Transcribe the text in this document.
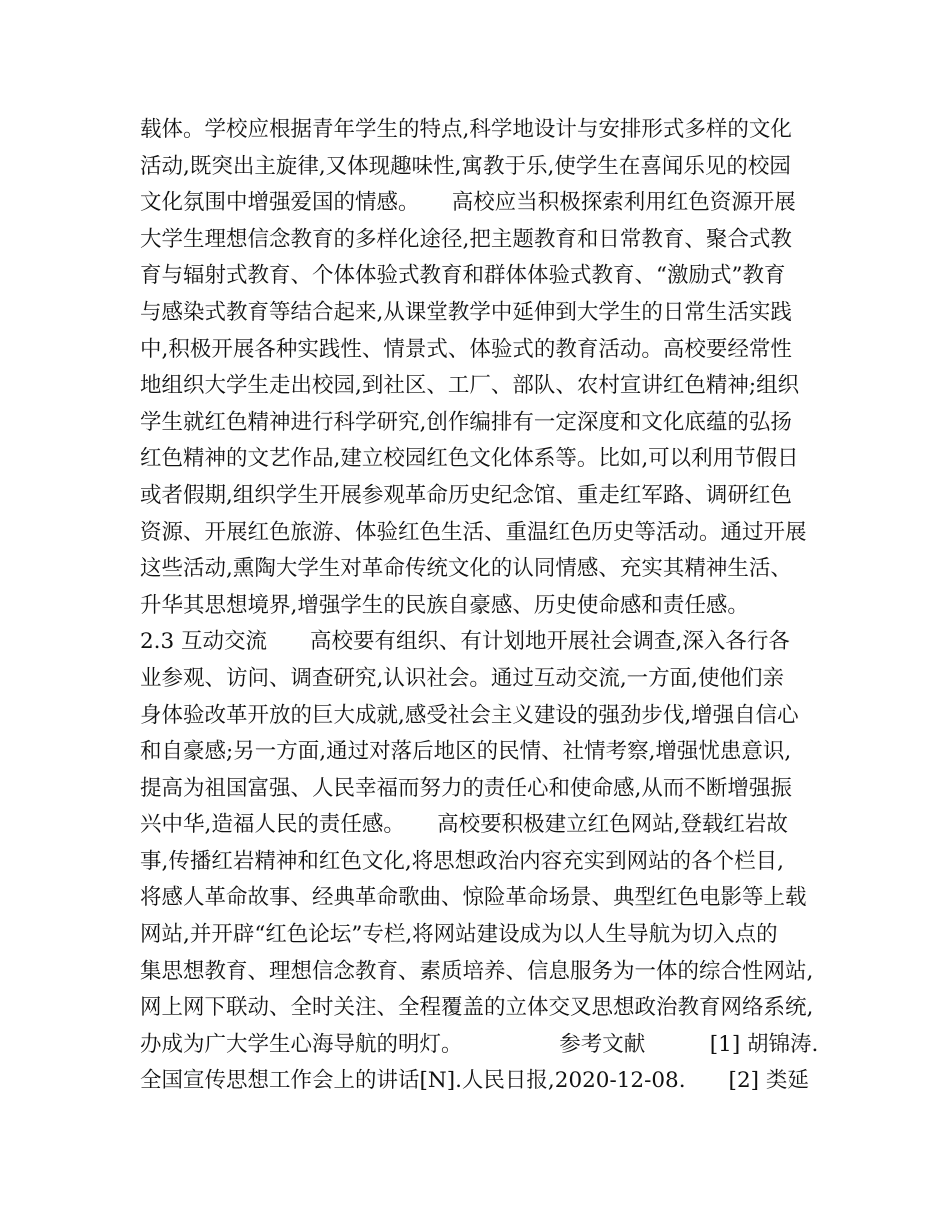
载体。学校应根据青年学生的特点,科学地设计与安排形式多样的文化
活动,既突出主旋律,又体现趣味性,寓教于乐,使学生在喜闻乐见的校园
文化氛围中增强爱国的情感。　　高校应当积极探索利用红色资源开展
大学生理想信念教育的多样化途径,把主题教育和日常教育、聚合式教
育与辐射式教育、个体体验式教育和群体体验式教育、“激励式”教育
与感染式教育等结合起来,从课堂教学中延伸到大学生的日常生活实践
中,积极开展各种实践性、情景式、体验式的教育活动。高校要经常性
地组织大学生走出校园,到社区、工厂、部队、农村宣讲红色精神;组织
学生就红色精神进行科学研究,创作编排有一定深度和文化底蕴的弘扬
红色精神的文艺作品,建立校园红色文化体系等。比如,可以利用节假日
或者假期,组织学生开展参观革命历史纪念馆、重走红军路、调研红色
资源、开展红色旅游、体验红色生活、重温红色历史等活动。通过开展
这些活动,熏陶大学生对革命传统文化的认同情感、充实其精神生活、
升华其思想境界,增强学生的民族自豪感、历史使命感和责任感。
2.3 互动交流　　高校要有组织、有计划地开展社会调查,深入各行各
业参观、访问、调查研究,认识社会。通过互动交流,一方面,使他们亲
身体验改革开放的巨大成就,感受社会主义建设的强劲步伐,增强自信心
和自豪感;另一方面,通过对落后地区的民情、社情考察,增强忧患意识,
提高为祖国富强、人民幸福而努力的责任心和使命感,从而不断增强振
兴中华,造福人民的责任感。　　高校要积极建立红色网站,登载红岩故
事,传播红岩精神和红色文化,将思想政治内容充实到网站的各个栏目,
将感人革命故事、经典革命歌曲、惊险革命场景、典型红色电影等上载
网站,并开辟“红色论坛”专栏,将网站建设成为以人生导航为切入点的
集思想教育、理想信念教育、素质培养、信息服务为一体的综合性网站,
网上网下联动、全时关注、全程覆盖的立体交叉思想政治教育网络系统,
办成为广大学生心海导航的明灯。　　　　　参考文献　　　[1] 胡锦涛.
全国宣传思想工作会上的讲话[N].人民日报,2020-12-08.　　[2] 类延
